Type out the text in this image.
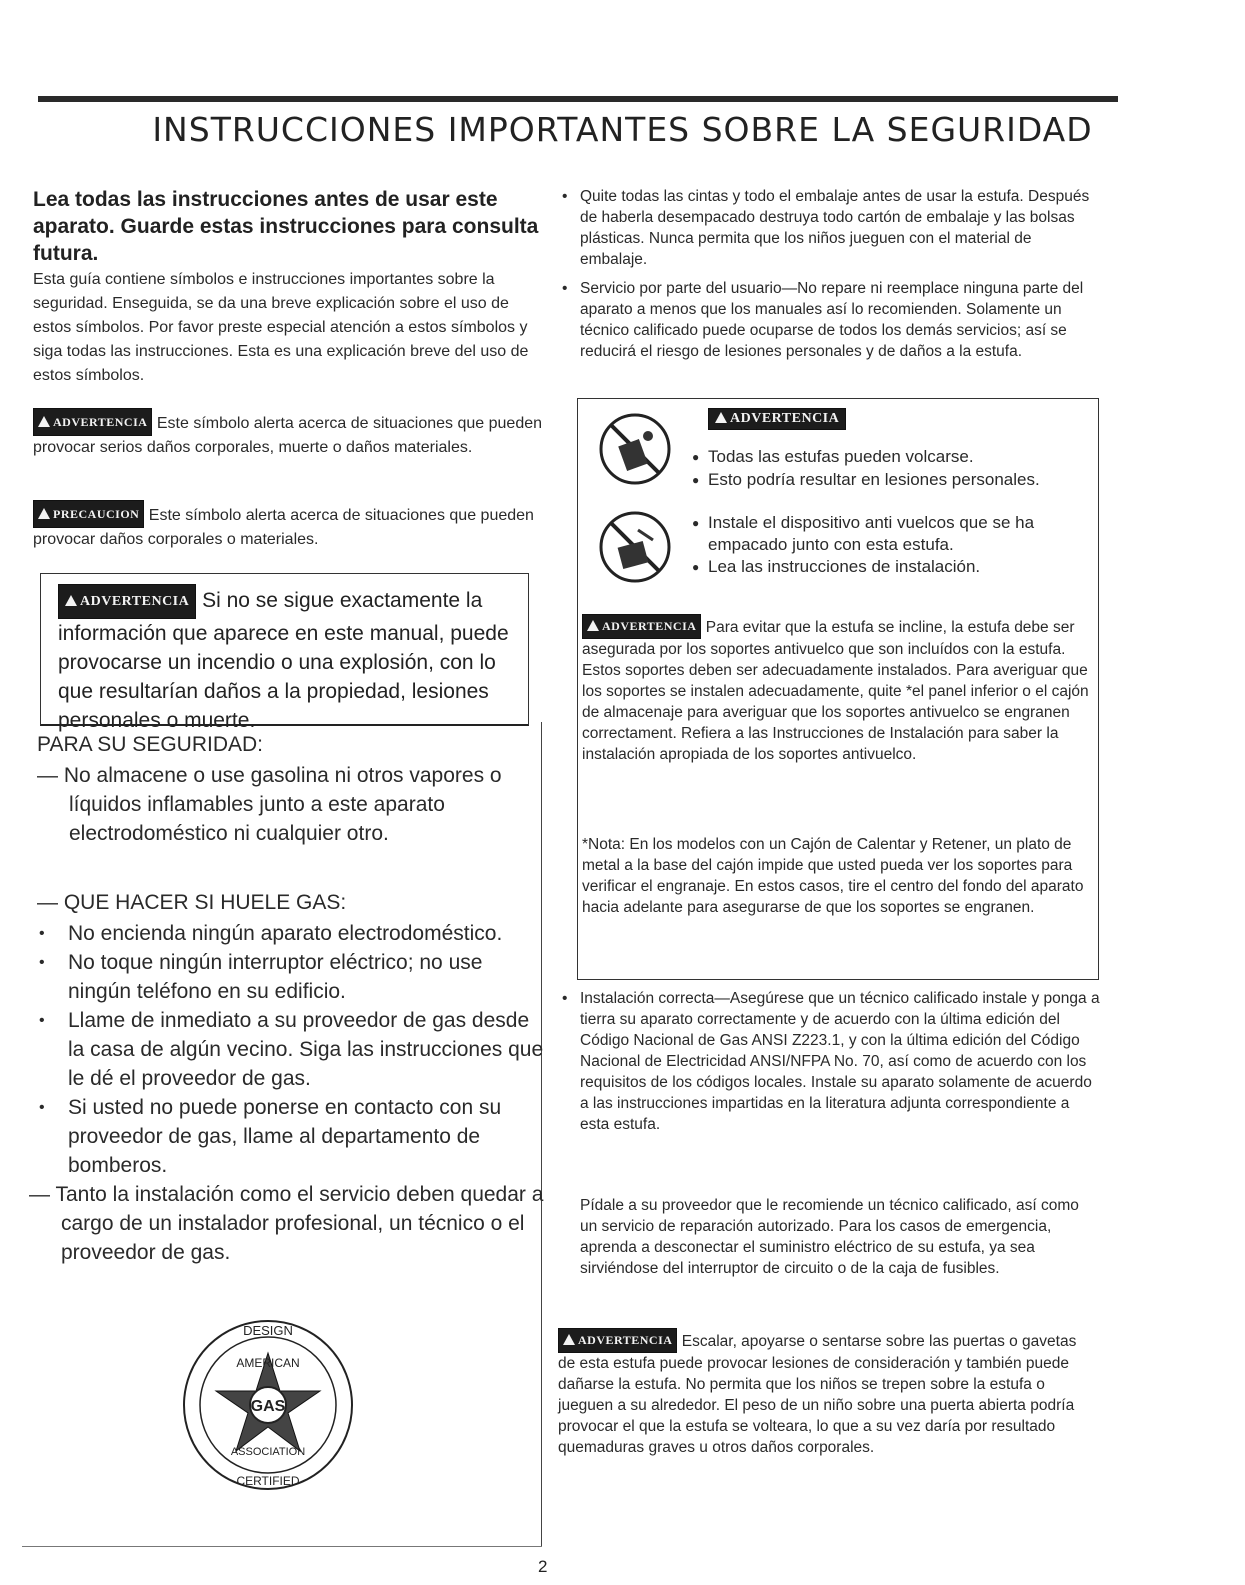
INSTRUCCIONES IMPORTANTES SOBRE LA SEGURIDAD
Lea todas las instrucciones antes de usar este aparato. Guarde estas instrucciones para consulta futura.
Esta guía contiene símbolos e instrucciones importantes sobre la seguridad. Enseguida, se da una breve explicación sobre el uso de estos símbolos. Por favor preste especial atención a estos símbolos y siga todas las instrucciones. Esta es una explicación breve del uso de estos símbolos.
ADVERTENCIA Este símbolo alerta acerca de situaciones que pueden provocar serios daños corporales, muerte o daños materiales.
PRECAUCION Este símbolo alerta acerca de situaciones que pueden provocar daños corporales o materiales.
ADVERTENCIA Si no se sigue exactamente la información que aparece en este manual, puede provocarse un incendio o una explosión, con lo que resultarían daños a la propiedad, lesiones personales o muerte.
PARA SU SEGURIDAD:
— No almacene o use gasolina ni otros vapores o líquidos inflamables junto a este aparato electrodoméstico ni cualquier otro.
— QUE HACER SI HUELE GAS:
• No encienda ningún aparato electrodoméstico.
• No toque ningún interruptor eléctrico; no use ningún teléfono en su edificio.
• Llame de inmediato a su proveedor de gas desde la casa de algún vecino. Siga las instrucciones que le dé el proveedor de gas.
• Si usted no puede ponerse en contacto con su proveedor de gas, llame al departamento de bomberos.
— Tanto la instalación como el servicio deben quedar a cargo de un instalador profesional, un técnico o el proveedor de gas.
GAS
DESIGN
AMERICAN
ASSOCIATION
CERTIFIED
2
• Quite todas las cintas y todo el embalaje antes de usar la estufa. Después de haberla desempacado destruya todo cartón de embalaje y las bolsas plásticas. Nunca permita que los niños jueguen con el material de embalaje.
• Servicio por parte del usuario—No repare ni reemplace ninguna parte del aparato a menos que los manuales así lo recomienden. Solamente un técnico calificado puede ocuparse de todos los demás servicios; así se reducirá el riesgo de lesiones personales y de daños a la estufa.
ADVERTENCIA
● Todas las estufas pueden volcarse.
● Esto podría resultar en lesiones personales.
● Instale el dispositivo anti vuelcos que se ha empacado junto con esta estufa.
● Lea las instrucciones de instalación.
ADVERTENCIA Para evitar que la estufa se incline, la estufa debe ser asegurada por los soportes antivuelco que son incluídos con la estufa. Estos soportes deben ser adecuadamente instalados. Para averiguar que los soportes se instalen adecuadamente, quite *el panel inferior o el cajón de almacenaje para averiguar que los soportes antivuelco se engranen correctament. Refiera a las Instrucciones de Instalación para saber la instalación apropiada de los soportes antivuelco.
*Nota: En los modelos con un Cajón de Calentar y Retener, un plato de metal a la base del cajón impide que usted pueda ver los soportes para verificar el engranaje. En estos casos, tire el centro del fondo del aparato hacia adelante para asegurarse de que los soportes se engranen.
• Instalación correcta—Asegúrese que un técnico calificado instale y ponga a tierra su aparato correctamente y de acuerdo con la última edición del Código Nacional de Gas ANSI Z223.1, y con la última edición del Código Nacional de Electricidad ANSI/NFPA No. 70, así como de acuerdo con los requisitos de los códigos locales. Instale su aparato solamente de acuerdo a las instrucciones impartidas en la literatura adjunta correspondiente a esta estufa.
Pídale a su proveedor que le recomiende un técnico calificado, así como un servicio de reparación autorizado. Para los casos de emergencia, aprenda a desconectar el suministro eléctrico de su estufa, ya sea sirviéndose del interruptor de circuito o de la caja de fusibles.
ADVERTENCIA Escalar, apoyarse o sentarse sobre las puertas o gavetas de esta estufa puede provocar lesiones de consideración y también puede dañarse la estufa. No permita que los niños se trepen sobre la estufa o jueguen a su alrededor. El peso de un niño sobre una puerta abierta podría provocar el que la estufa se volteara, lo que a su vez daría por resultado quemaduras graves u otros daños corporales.
